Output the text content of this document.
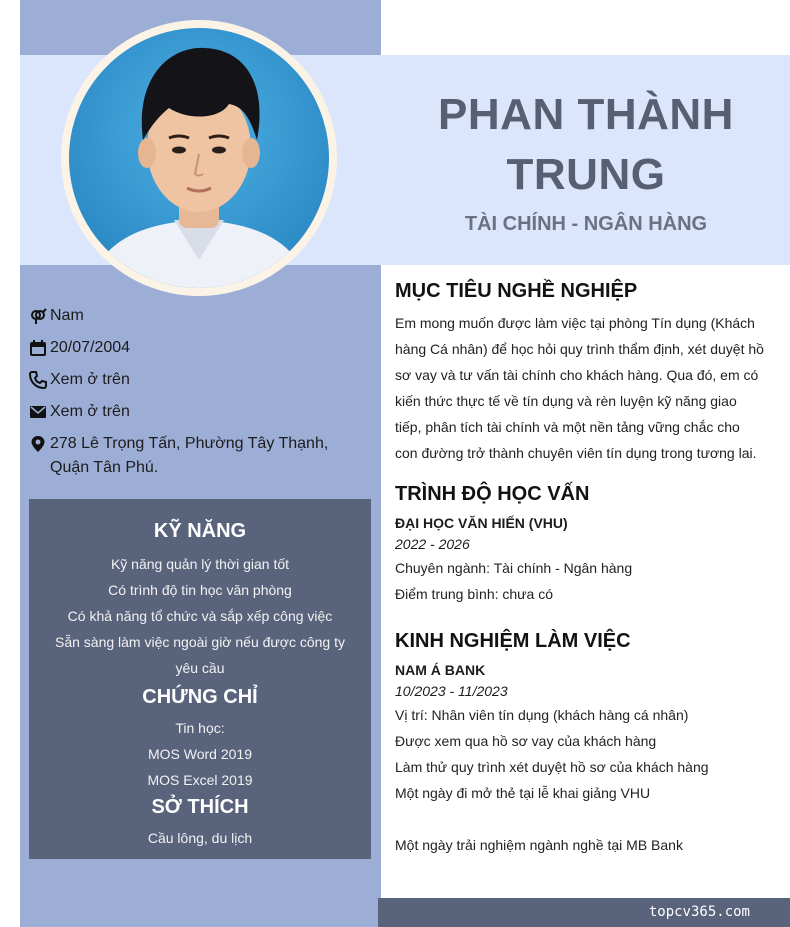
PHAN THÀNH
TRUNG
TÀI CHÍNH - NGÂN HÀNG
Nam
20/07/2004
Xem ở trên
Xem ở trên
278 Lê Trọng Tấn, Phường Tây Thạnh, Quận Tân Phú.
KỸ NĂNG
Kỹ năng quản lý thời gian tốt
Có trình độ tin học văn phòng
Có khả năng tổ chức và sắp xếp công việc
Sẵn sàng làm việc ngoài giờ nếu được công ty yêu cầu
CHỨNG CHỈ
Tin học:
MOS Word 2019
MOS Excel 2019
SỞ THÍCH
Cầu lông, du lịch
MỤC TIÊU NGHỀ NGHIỆP
Em mong muốn được làm việc tại phòng Tín dụng (Khách hàng Cá nhân) để học hỏi quy trình thẩm định, xét duyệt hồ sơ vay và tư vấn tài chính cho khách hàng. Qua đó, em có kiến thức thực tế về tín dụng và rèn luyện kỹ năng giao tiếp, phân tích tài chính và một nền tảng vững chắc cho con đường trở thành chuyên viên tín dụng trong tương lai.
TRÌNH ĐỘ HỌC VẤN
ĐẠI HỌC VĂN HIẾN (VHU)
2022 - 2026
Chuyên ngành: Tài chính - Ngân hàng
Điểm trung bình: chưa có
KINH NGHIỆM LÀM VIỆC
NAM Á BANK
10/2023 - 11/2023
Vị trí: Nhân viên tín dụng (khách hàng cá nhân)
Được xem qua hồ sơ vay của khách hàng
Làm thử quy trình xét duyệt hồ sơ của khách hàng
Một ngày đi mở thẻ tại lễ khai giảng VHU
Một ngày trải nghiệm ngành nghề tại MB Bank
topcv365.com
